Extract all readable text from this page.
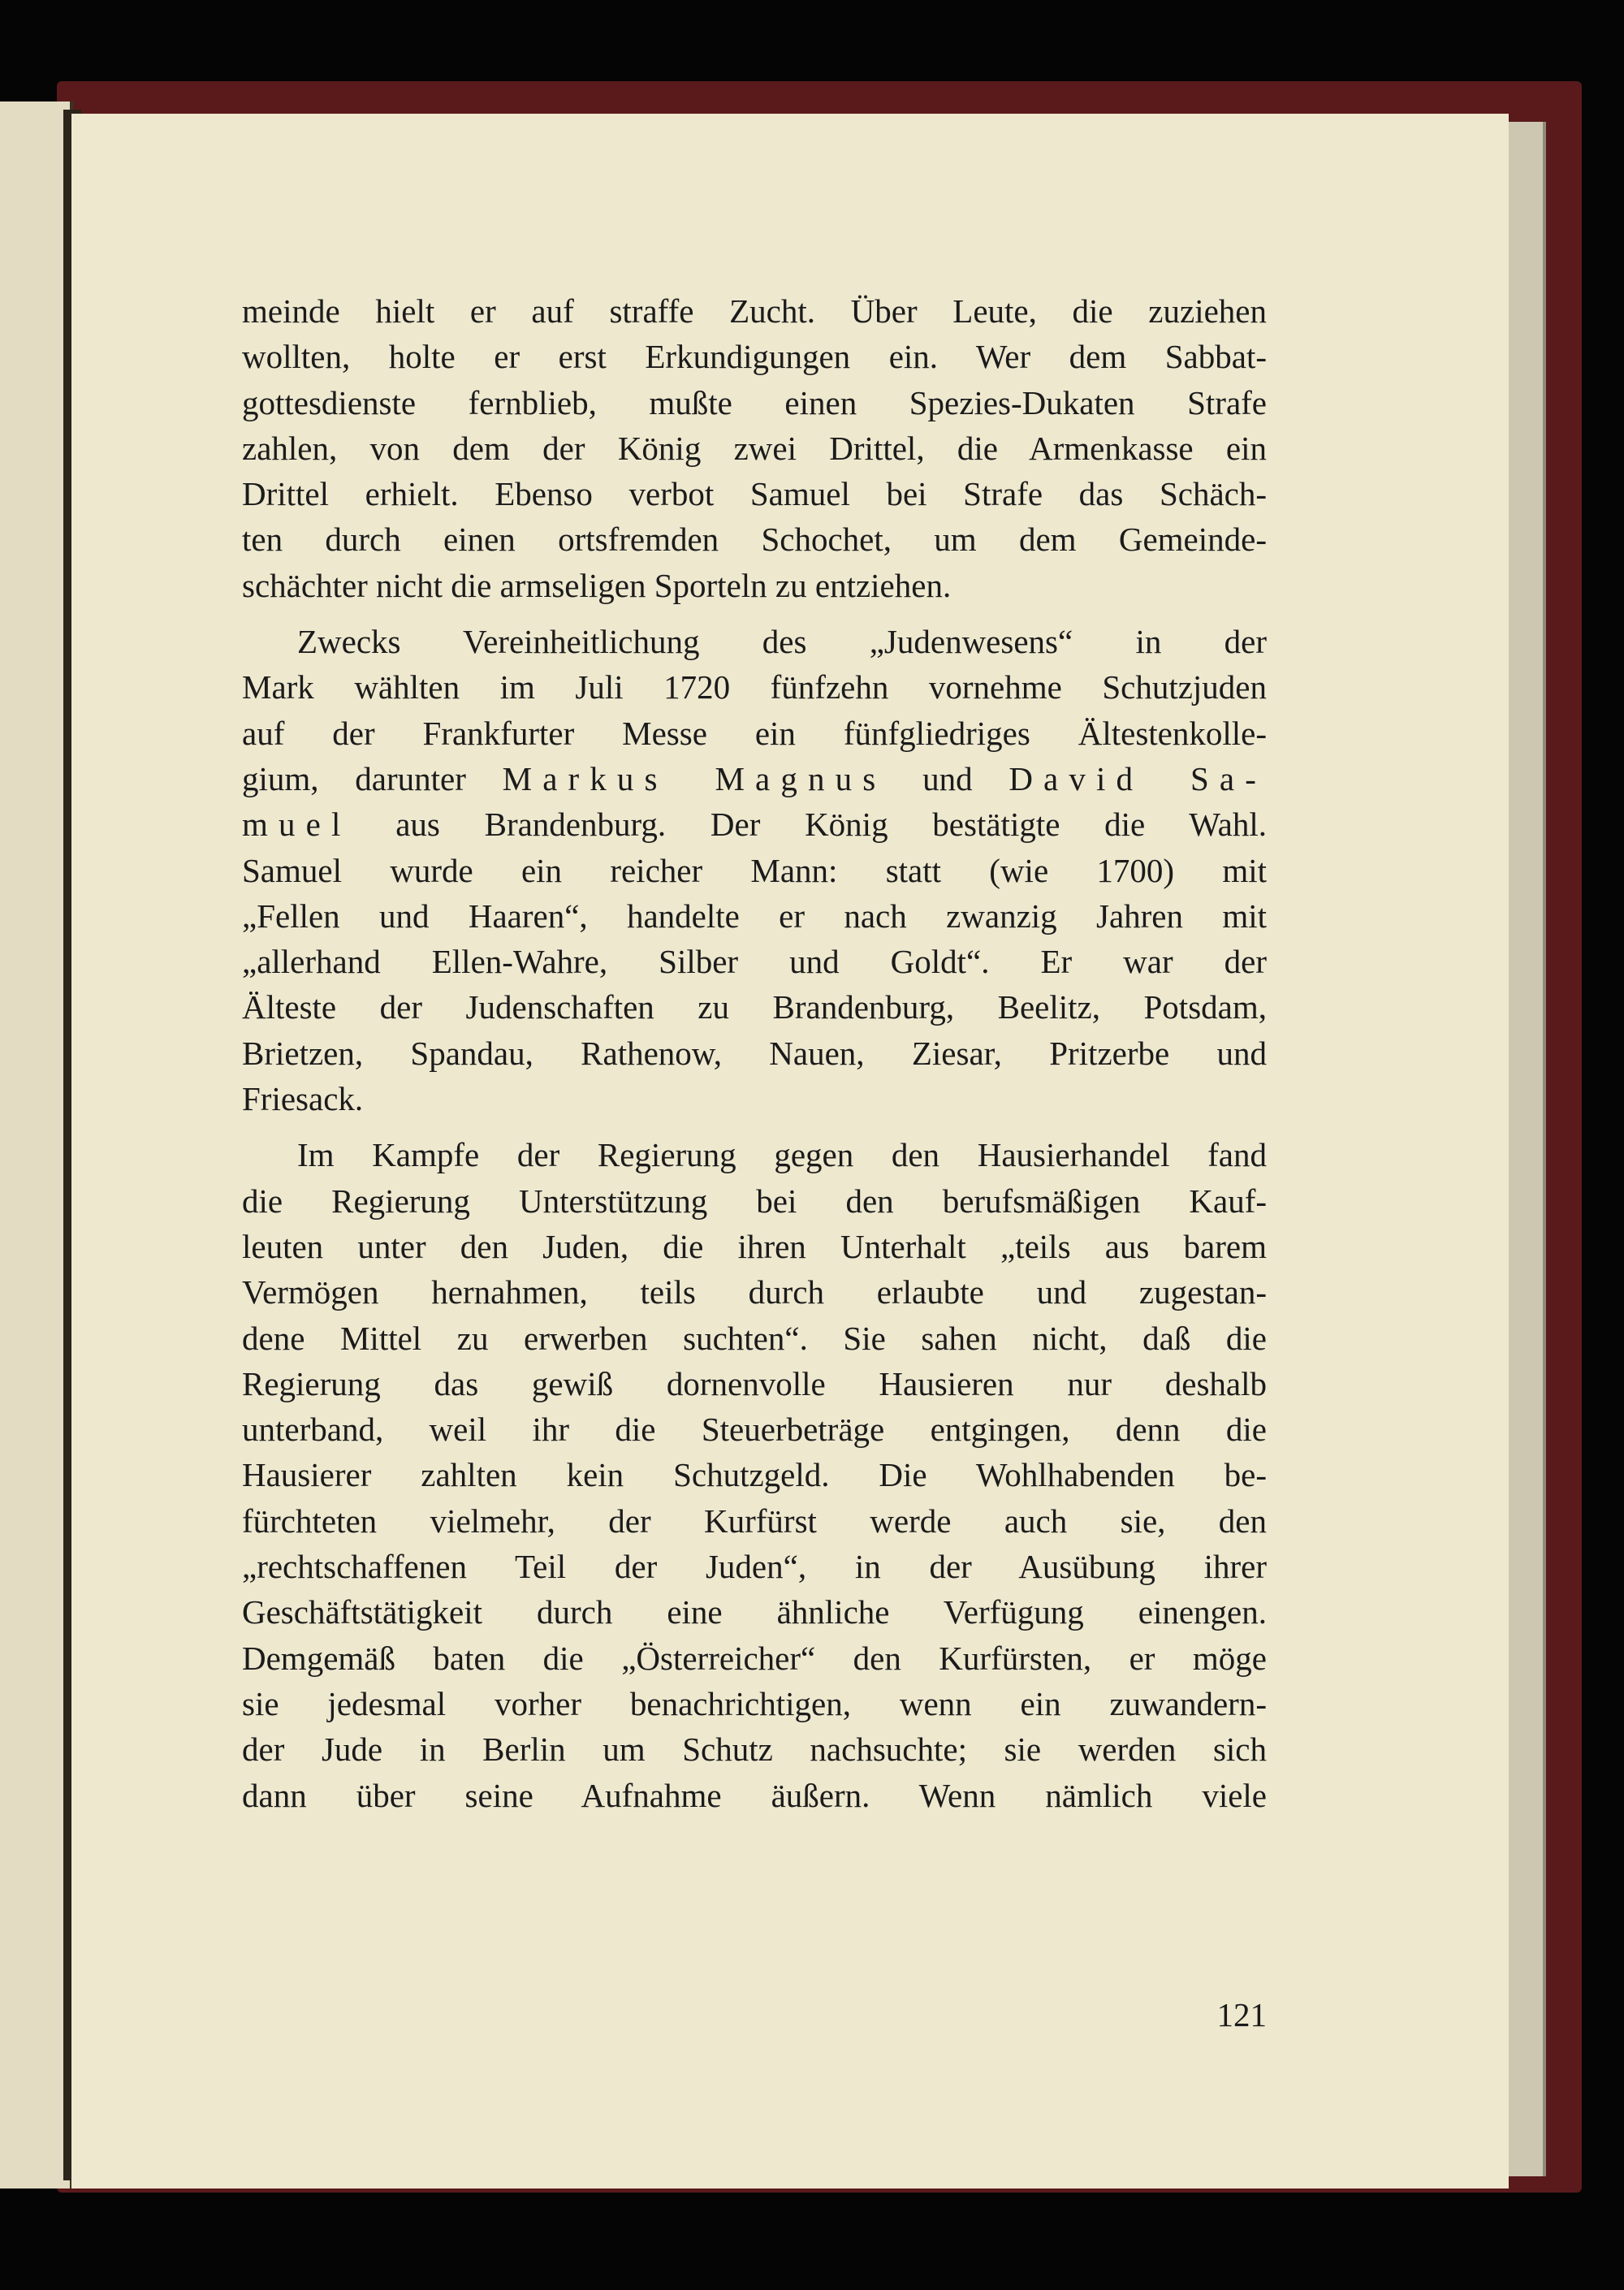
meinde hielt er auf straffe Zucht. Über Leute, die zuziehen
wollten, holte er erst Erkundigungen ein. Wer dem Sabbat-
gottesdienste fernblieb, mußte einen Spezies-Dukaten Strafe
zahlen, von dem der König zwei Drittel, die Armenkasse ein
Drittel erhielt. Ebenso verbot Samuel bei Strafe das Schäch-
ten durch einen ortsfremden Schochet, um dem Gemeinde-
schächter nicht die armseligen Sporteln zu entziehen.

Zwecks Vereinheitlichung des „Judenwesens“ in der
Mark wählten im Juli 1720 fünfzehn vornehme Schutzjuden
auf der Frankfurter Messe ein fünfgliedriges Ältestenkolle-
gium, darunter Markus Magnus und David Sa-
muel aus Brandenburg. Der König bestätigte die Wahl.
Samuel wurde ein reicher Mann: statt (wie 1700) mit
„Fellen und Haaren“, handelte er nach zwanzig Jahren mit
„allerhand Ellen-Wahre, Silber und Goldt“. Er war der
Älteste der Judenschaften zu Brandenburg, Beelitz, Potsdam,
Brietzen, Spandau, Rathenow, Nauen, Ziesar, Pritzerbe und
Friesack.

Im Kampfe der Regierung gegen den Hausierhandel fand
die Regierung Unterstützung bei den berufsmäßigen Kauf-
leuten unter den Juden, die ihren Unterhalt „teils aus barem
Vermögen hernahmen, teils durch erlaubte und zugestan-
dene Mittel zu erwerben suchten“. Sie sahen nicht, daß die
Regierung das gewiß dornenvolle Hausieren nur deshalb
unterband, weil ihr die Steuerbeträge entgingen, denn die
Hausierer zahlten kein Schutzgeld. Die Wohlhabenden be-
fürchteten vielmehr, der Kurfürst werde auch sie, den
„rechtschaffenen Teil der Juden“, in der Ausübung ihrer
Geschäftstätigkeit durch eine ähnliche Verfügung einengen.
Demgemäß baten die „Österreicher“ den Kurfürsten, er möge
sie jedesmal vorher benachrichtigen, wenn ein zuwandern-
der Jude in Berlin um Schutz nachsuchte; sie werden sich
dann über seine Aufnahme äußern. Wenn nämlich viele

121
